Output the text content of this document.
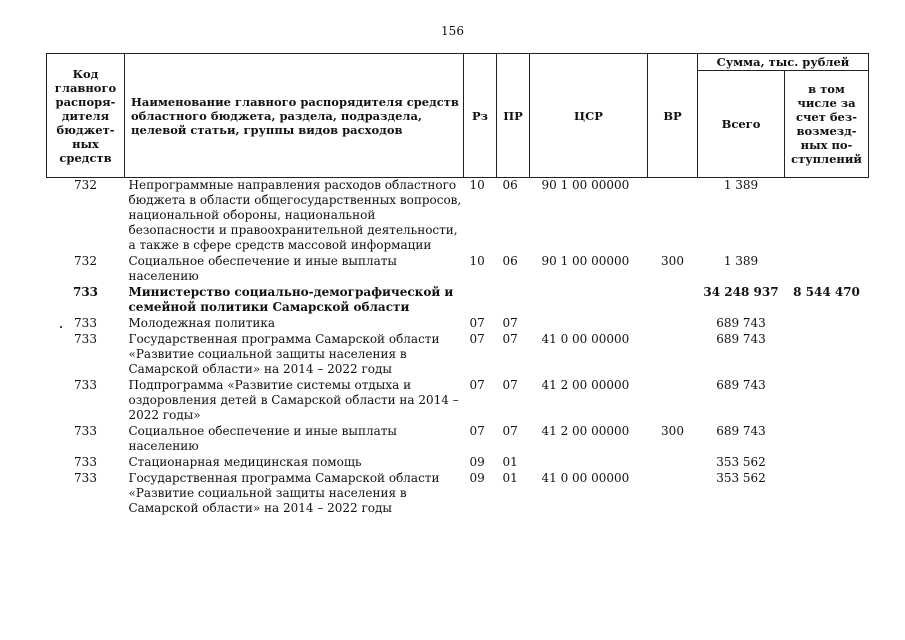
156
Код главного распоря-дителя бюджет-ных средств	Наименование главного распорядителя средств областного бюджета, раздела, подраздела, целевой статьи, группы видов расходов	Рз	ПР	ЦСР	ВР	Сумма, тыс. рублей	
						Всего	в том числе за счет без-возмезд-ных по-ступлений
732	Непрограммные направления расходов областного бюджета в области общегосударственных вопросов, национальной обороны, национальной безопасности и правоохранительной деятельности, а также в сфере средств массовой информации	10	06	90 1 00 00000		1 389	
732	Социальное обеспечение и иные выплаты населению	10	06	90 1 00 00000	300	1 389	
733	Министерство социально-демографической и семейной политики Самарской области					34 248 937	8 544 470
733	Молодежная политика	07	07			689 743	
733	Государственная программа Самарской области «Развитие социальной защиты населения в Самарской области» на 2014 – 2022 годы	07	07	41 0 00 00000		689 743	
733	Подпрограмма «Развитие системы отдыха и оздоровления детей в Самарской области на 2014 – 2022 годы»	07	07	41 2 00 00000		689 743	
733	Социальное обеспечение и иные выплаты населению	07	07	41 2 00 00000	300	689 743	
733	Стационарная медицинская помощь	09	01			353 562	
733	Государственная программа Самарской области «Развитие социальной защиты населения в Самарской области» на 2014 – 2022 годы	09	01	41 0 00 00000		353 562	
